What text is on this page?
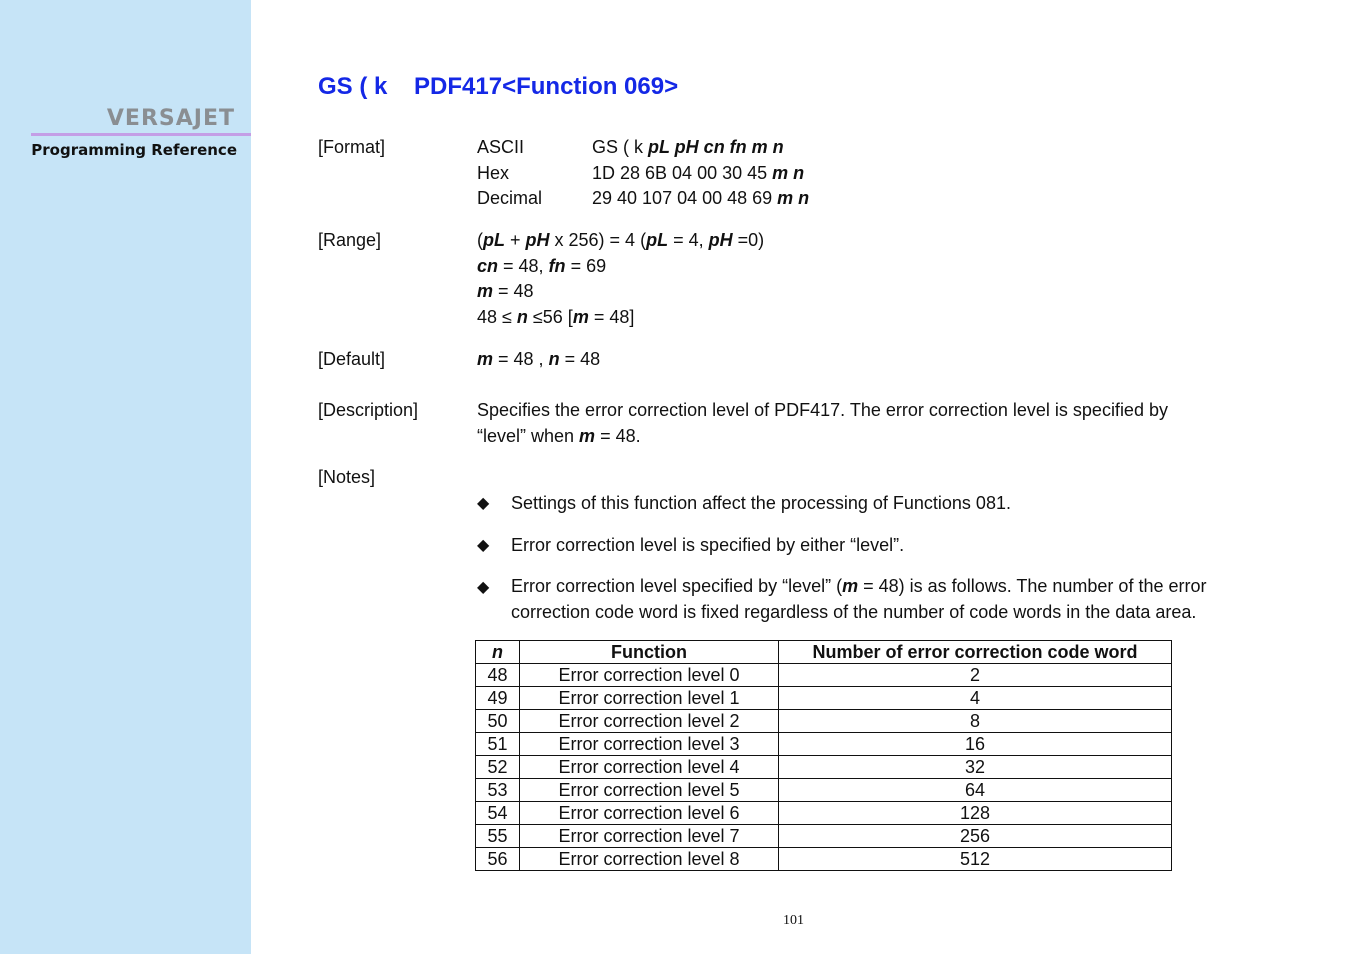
VERSAJET
Programming Reference
GS ( k    PDF417<Function 069>
[Format]	ASCII	GS ( k pL pH cn fn m n
Hex	1D 28 6B 04 00 30 45 m n
Decimal	29 40 107 04 00 48 69 m n
[Range]	(pL + pH x 256) = 4 (pL = 4, pH =0)
cn = 48, fn = 69
m = 48
48 ≤ n ≤56 [m = 48]
[Default]	m = 48 , n = 48
[Description]	Specifies the error correction level of PDF417. The error correction level is specified by
“level” when m = 48.
[Notes]
◆ Settings of this function affect the processing of Functions 081.
◆ Error correction level is specified by either “level”.
◆ Error correction level specified by “level” (m = 48) is as follows. The number of the error
correction code word is fixed regardless of the number of code words in the data area.
n	Function	Number of error correction code word
48	Error correction level 0	2
49	Error correction level 1	4
50	Error correction level 2	8
51	Error correction level 3	16
52	Error correction level 4	32
53	Error correction level 5	64
54	Error correction level 6	128
55	Error correction level 7	256
56	Error correction level 8	512
101
